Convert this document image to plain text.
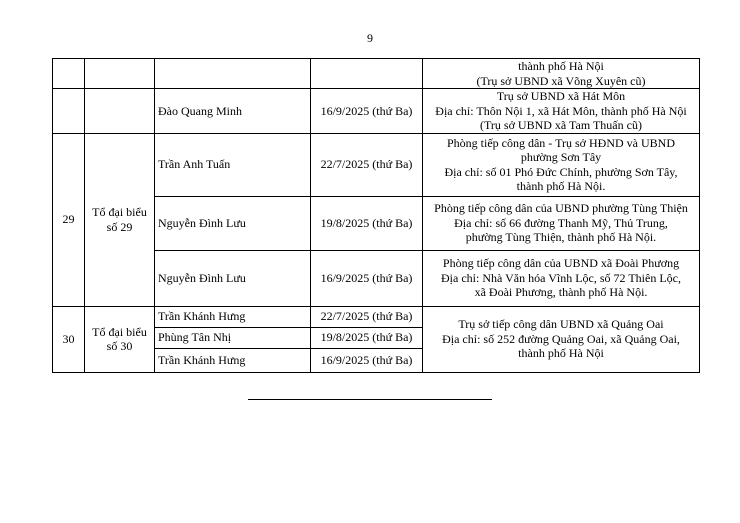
9

				thành phố Hà Nội
(Trụ sở UBND xã Võng Xuyên cũ)

		Đào Quang Minh	16/9/2025 (thứ Ba)	Trụ sở UBND xã Hát Môn
Địa chỉ: Thôn Nội 1, xã Hát Môn, thành phố Hà Nội
(Trụ sở UBND xã Tam Thuấn cũ)

29	Tổ đại biểu
số 29	Trần Anh Tuấn	22/7/2025 (thứ Ba)	Phòng tiếp công dân - Trụ sở HĐND và UBND
phường Sơn Tây
Địa chỉ: số 01 Phó Đức Chính, phường Sơn Tây,
thành phố Hà Nội.

		Nguyễn Đình Lưu	19/8/2025 (thứ Ba)	Phòng tiếp công dân của UBND phường Tùng Thiện
Địa chỉ: số 66 đường Thanh Mỹ, Thủ Trung,
phường Tùng Thiện, thành phố Hà Nội.

		Nguyễn Đình Lưu	16/9/2025 (thứ Ba)	Phòng tiếp công dân của UBND xã Đoài Phương
Địa chỉ: Nhà Văn hóa Vĩnh Lộc, số 72 Thiên Lộc,
xã Đoài Phương, thành phố Hà Nội.

30	Tổ đại biểu
số 30	Trần Khánh Hưng	22/7/2025 (thứ Ba)	Trụ sở tiếp công dân UBND xã Quảng Oai
Địa chỉ: số 252 đường Quảng Oai, xã Quảng Oai,
thành phố Hà Nội

		Phùng Tân Nhị	19/8/2025 (thứ Ba)	
		Trần Khánh Hưng	16/9/2025 (thứ Ba)	
